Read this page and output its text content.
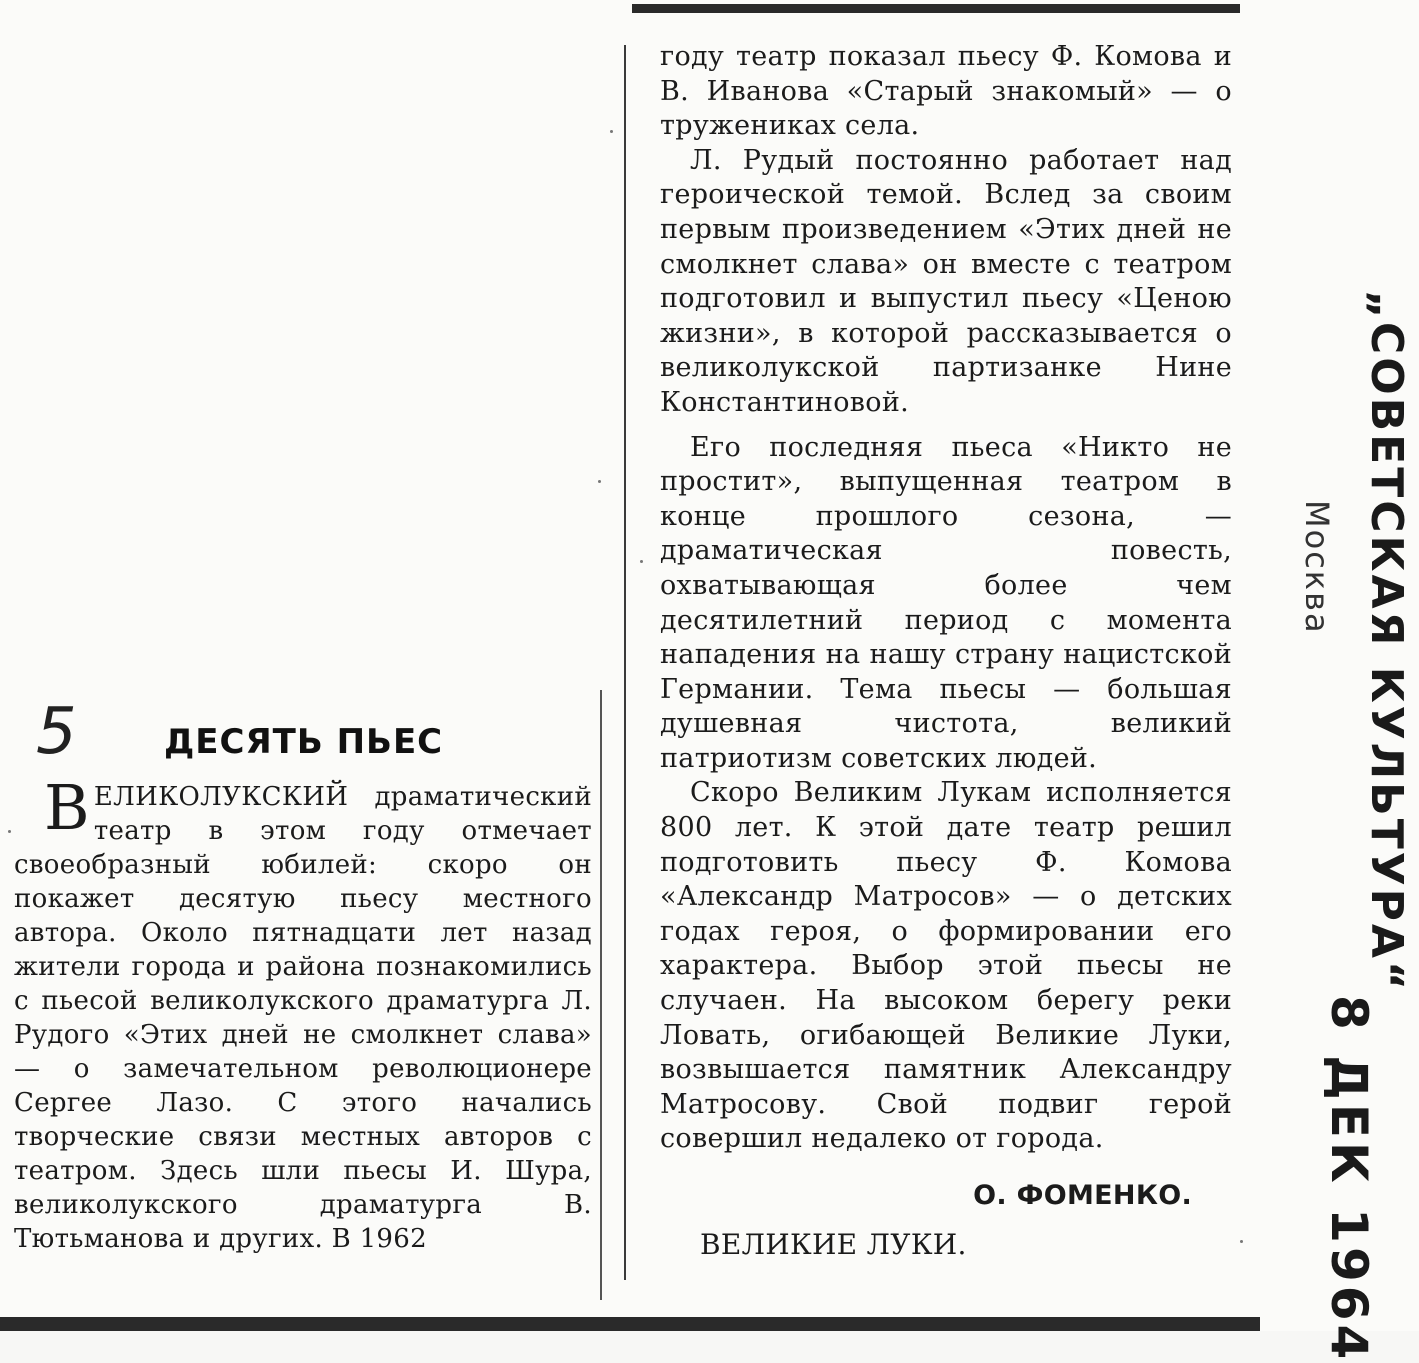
5	ДЕСЯТЬ ПЬЕС
ВЕЛИКОЛУКСКИЙ драматический театр в этом году отмечает своеобразный юбилей: скоро он покажет десятую пьесу местного автора. Около пятнадцати лет назад жители города и района познакомились с пьесой великолукского драматурга Л. Рудого «Этих дней не смолкнет слава» — о замечательном революционере Сергее Лазо. С этого начались творческие связи местных авторов с театром. Здесь шли пьесы И. Шура, великолукского драматурга В. Тютьманова и других. В 1962

году театр показал пьесу Ф. Комова и В. Иванова «Старый знакомый» — о тружениках села.

Л. Рудый постоянно работает над героической темой. Вслед за своим первым произведением «Этих дней не смолкнет слава» он вместе с театром подготовил и выпустил пьесу «Ценою жизни», в которой рассказывается о великолукской партизанке Нине Константиновой.

Его последняя пьеса «Никто не простит», выпущенная театром в конце прошлого сезона, — драматическая повесть, охватывающая более чем десятилетний период с момента нападения на нашу страну нацистской Германии. Тема пьесы — большая душевная чистота, великий патриотизм советских людей.

Скоро Великим Лукам исполняется 800 лет. К этой дате театр решил подготовить пьесу Ф. Комова «Александр Матросов» — о детских годах героя, о формировании его характера. Выбор этой пьесы не случаен. На высоком берегу реки Ловать, огибающей Великие Луки, возвышается памятник Александру Матросову. Свой подвиг герой совершил недалеко от города.

О. ФОМЕНКО.

ВЕЛИКИЕ ЛУКИ.

„СОВЕТСКАЯ КУЛЬТУРА“
Москва
8 ДЕК 1964
